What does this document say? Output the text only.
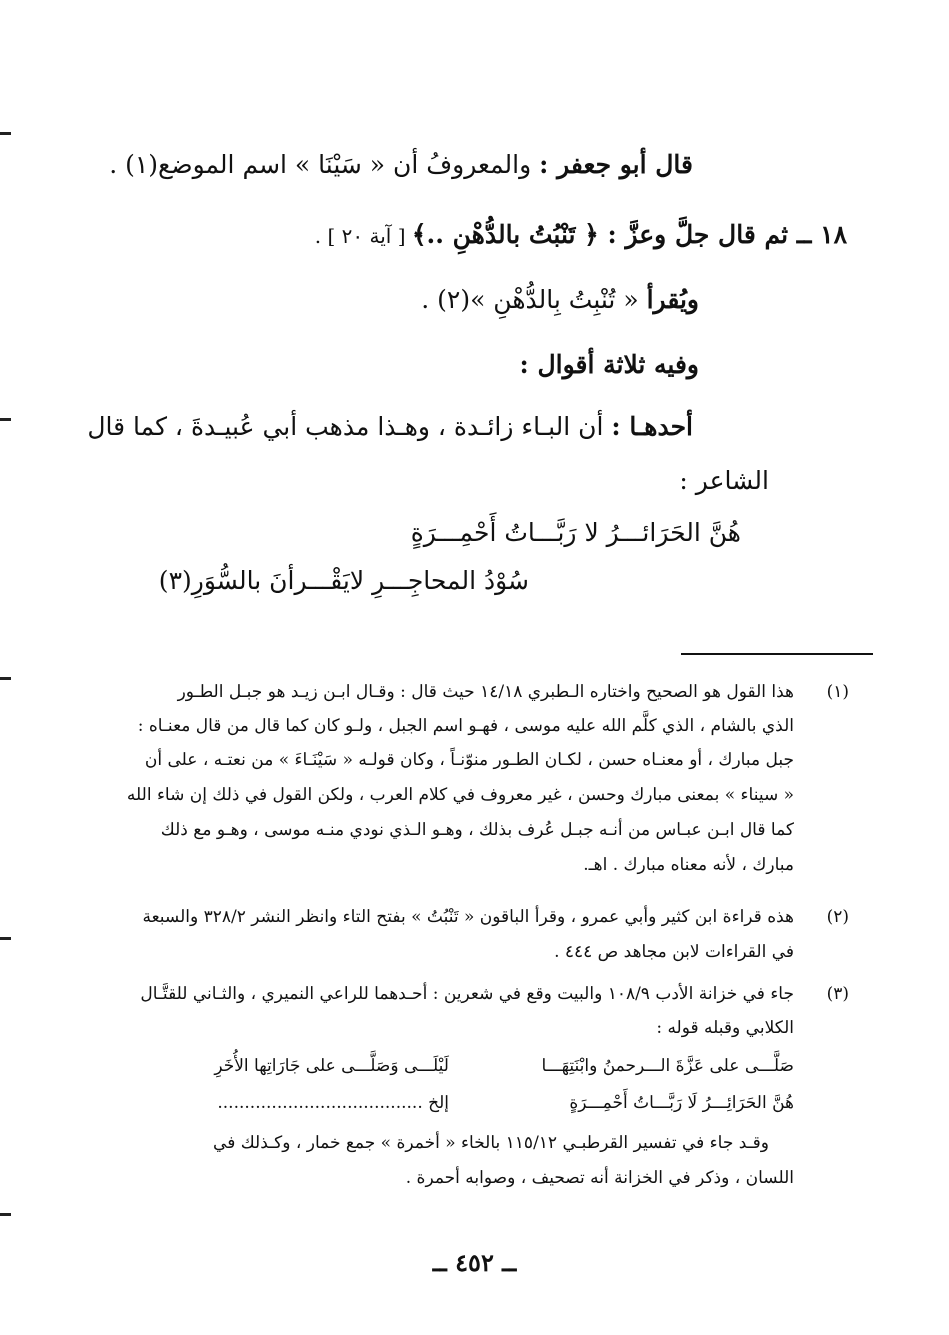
قال أبو جعفر : والمعروفُ أن « سَيْنَا » اسم الموضع(١) .
١٨ ــ ثم قال جلَّ وعزَّ : ﴿ تَنْبُتُ بالدُّهْنِ ..﴾ [ آية ٢٠ ] .
ويُقرأ « تُنْبِتُ بِالدُّهْنِ »(٢) .
وفيه ثلاثة أقوال :
أحدهـا : أن البـاء زائـدة ، وهـذا مذهب أبي عُبيـدةَ ، كما قال
الشاعر :
هُنَّ الحَرَائـــرُ لا رَبَّـــاتُ أَحْمِـــرَةٍ
سُوْدُ المحاجِـــرِ لايَقْـــرأنَ بالسُّوَرِ(٣)
(١)
هذا القول هو الصحيح واختاره الـطبري ١٤/١٨ حيث قال : وقـال ابـن زيـد هو جبـل الطـور
الذي بالشام ، الذي كلَّم الله عليه موسى ، فهـو اسم الجبل ، ولـو كان كما قال من قال معنـاه :
جبل مبارك ، أو معنـاه حسن ، لكـان الطـور منوّنـاً ، وكان قولـه « سَيْنَـاءَ » من نعتـه ، على أن
« سيناء » بمعنى مبارك وحسن ، غير معروف في كلام العرب ، ولكن القول في ذلك إن شاء الله
كما قال ابـن عبـاس من أنـه جبـل عُرف بذلك ، وهـو الـذي نودي منـه موسى ، وهـو مع ذلك
مبارك ، لأنه معناه مبارك . اهـ.
(٢)
هذه قراءة ابن كثير وأبي عمرو ، وقرأ الباقون « تَنْبُتُ » بفتح التاء وانظر النشر ٣٢٨/٢ والسبعة
في القراءات لابن مجاهد ص ٤٤٤ .
(٣)
جاء في خزانة الأدب ١٠٨/٩ والبيت وقع في شعرين : أحـدهما للراعي النميري ، والثـاني للقتَّـال
الكلابي وقبله قوله :
صَلَّـــى على عَزَّةَ الـــرحمنُ وابْنَتِهَـــا
لَيْلَـــى وَصَلَّـــى على جَارَاتِها الأُخَرِ
هُنَّ الحَرَائِـــرُ لَا رَبَّـــاتُ أَحْمِـــرَةٍ
إلخ ......................................
وقـد جاء في تفسير القرطبـي ١١٥/١٢ بالخاء « أخمرة » جمع خمار ، وكـذلك في
اللسان ، وذكر في الخزانة أنه تصحيف ، وصوابه أحمرة .
ــ ٤٥٢ ــ
